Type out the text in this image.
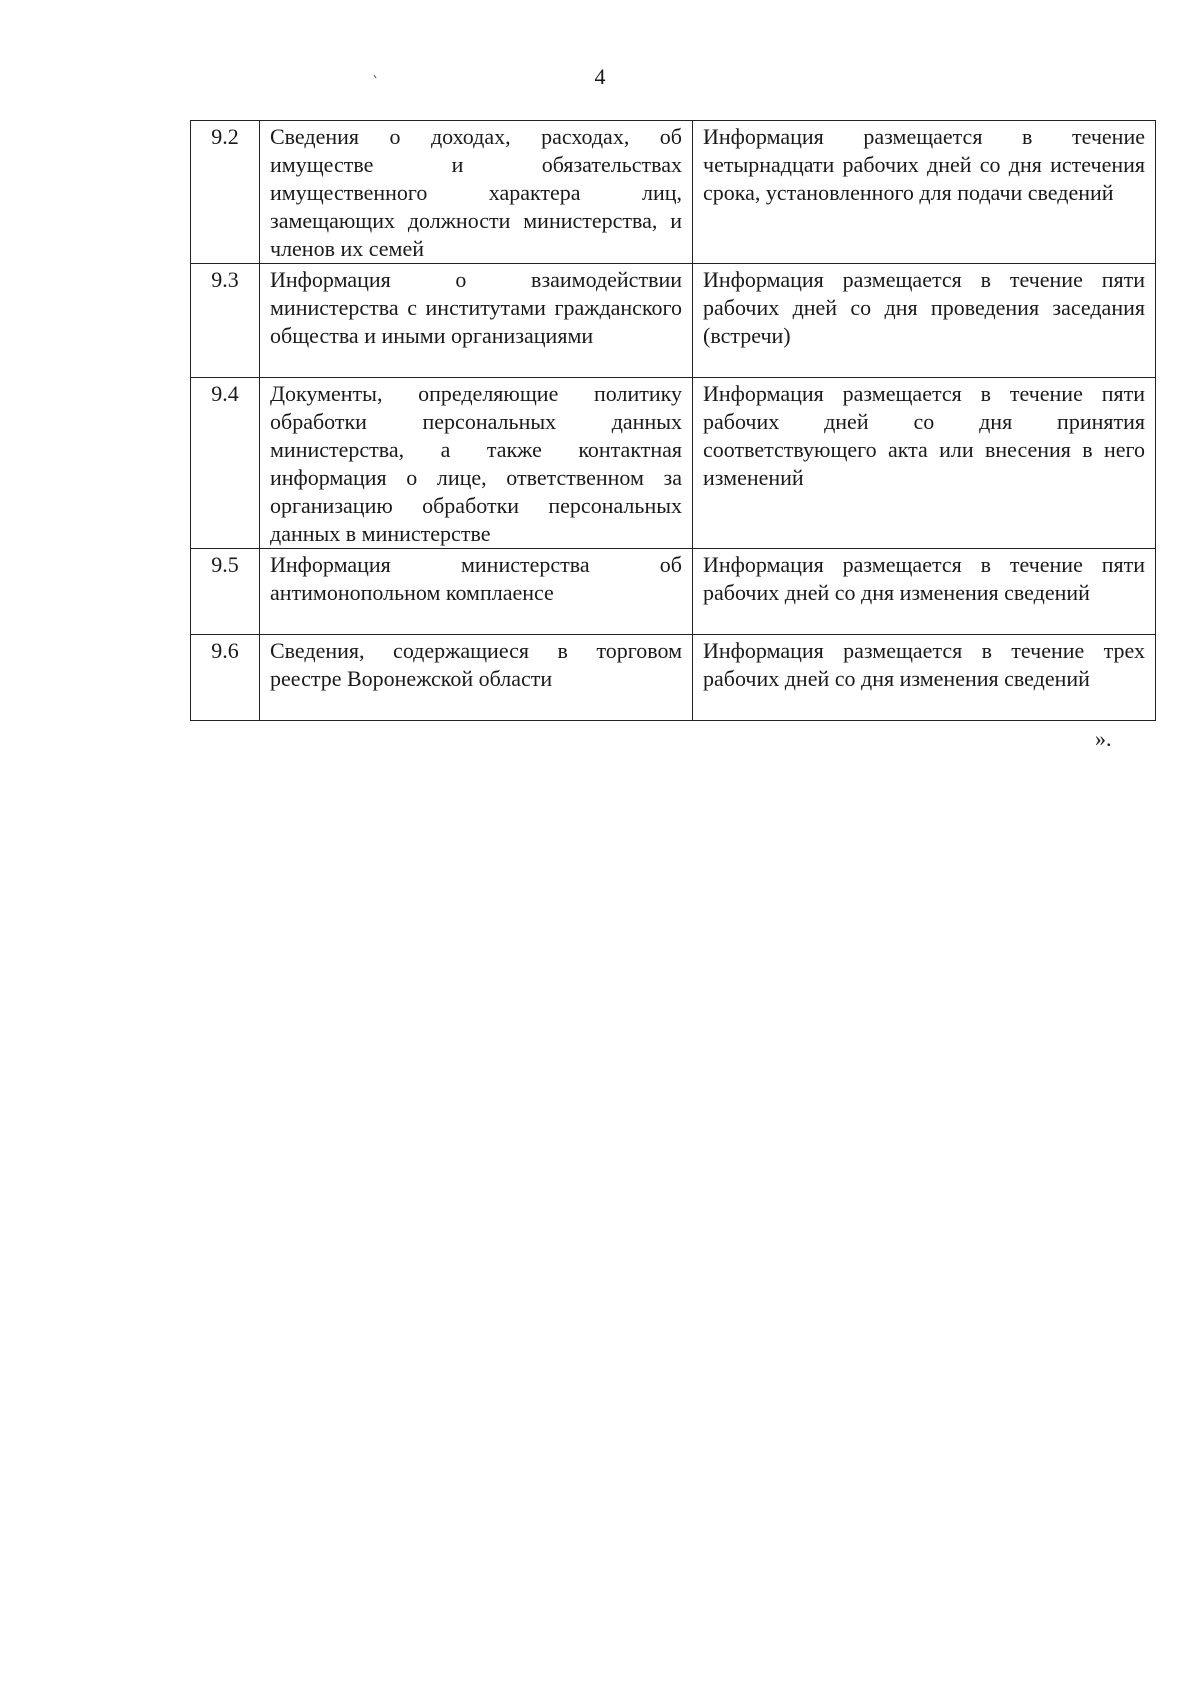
4
9.2	Сведения о доходах, расходах, об имуществе и обязательствах имущественного характера лиц, замещающих должности министерства, и членов их семей	Информация размещается в течение четырнадцати рабочих дней со дня истечения срока, установленного для подачи сведений
9.3	Информация о взаимодействии министерства с институтами гражданского общества и иными организациями	Информация размещается в течение пяти рабочих дней со дня проведения заседания (встречи)
9.4	Документы, определяющие политику обработки персональных данных министерства, а также контактная информация о лице, ответственном за организацию обработки персональных данных в министерстве	Информация размещается в течение пяти рабочих дней со дня принятия соответствующего акта или внесения в него изменений
9.5	Информация министерства об антимонопольном комплаенсе	Информация размещается в течение пяти рабочих дней со дня изменения сведений
9.6	Сведения, содержащиеся в торговом реестре Воронежской области	Информация размещается в течение трех рабочих дней со дня изменения сведений
».
